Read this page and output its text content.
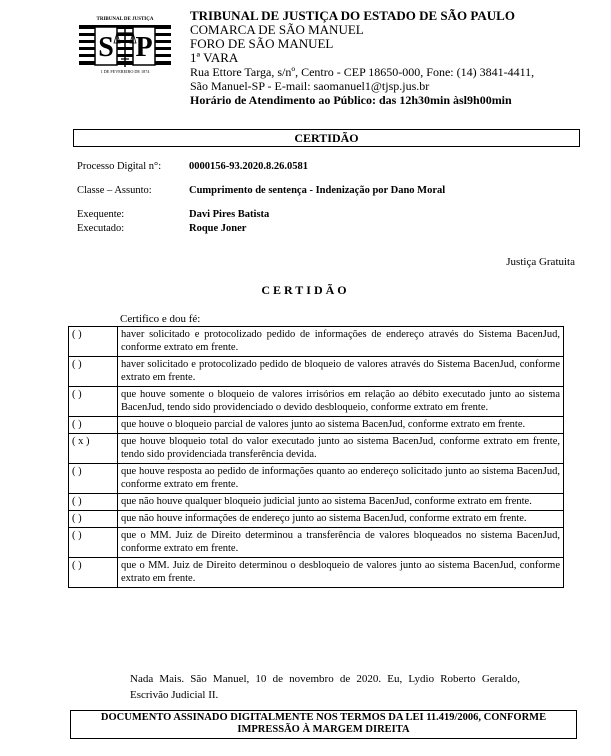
TRIBUNAL DE JUSTIÇA
S P
1 DE FEVEREIRO DE 1874
TRIBUNAL DE JUSTIÇA DO ESTADO DE SÃO PAULO
COMARCA DE SÃO MANUEL
FORO DE SÃO MANUEL
1ª VARA
Rua Ettore Targa, s/nº, Centro - CEP 18650-000, Fone: (14) 3841-4411,
São Manuel-SP - E-mail: saomanuel1@tjsp.jus.br
Horário de Atendimento ao Público: das 12h30min àsl9h00min
CERTIDÃO
Processo Digital n°:	0000156-93.2020.8.26.0581
Classe – Assunto:	Cumprimento de sentença - Indenização por Dano Moral
Exequente:	Davi Pires Batista
Executado:	Roque Joner
Justiça Gratuita
CERTIDÃO
Certifico e dou fé:
( )	haver solicitado e protocolizado pedido de informações de endereço através do Sistema BacenJud, conforme extrato em frente.
( )	haver solicitado e protocolizado pedido de bloqueio de valores através do Sistema BacenJud, conforme extrato em frente.
( )	que houve somente o bloqueio de valores irrisórios em relação ao débito executado junto ao sistema BacenJud, tendo sido providenciado o devido desbloqueio, conforme extrato em frente.
( )	que houve o bloqueio parcial de valores junto ao sistema BacenJud, conforme extrato em frente.
( x )	que houve bloqueio total do valor executado junto ao sistema BacenJud, conforme extrato em frente, tendo sido providenciada transferência devida.
( )	que houve resposta ao pedido de informações quanto ao endereço solicitado junto ao sistema BacenJud, conforme extrato em frente.
( )	que não houve qualquer bloqueio judicial junto ao sistema BacenJud, conforme extrato em frente.
( )	que não houve informações de endereço junto ao sistema BacenJud, conforme extrato em frente.
( )	que o MM. Juiz de Direito determinou a transferência de valores bloqueados no sistema BacenJud, conforme extrato em frente.
( )	que o MM. Juiz de Direito determinou o desbloqueio de valores junto ao sistema BacenJud, conforme extrato em frente.
Nada Mais. São Manuel, 10 de novembro de 2020. Eu, Lydio Roberto Geraldo, Escrivão Judicial II.
DOCUMENTO ASSINADO DIGITALMENTE NOS TERMOS DA LEI 11.419/2006, CONFORME
IMPRESSÃO À MARGEM DIREITA
